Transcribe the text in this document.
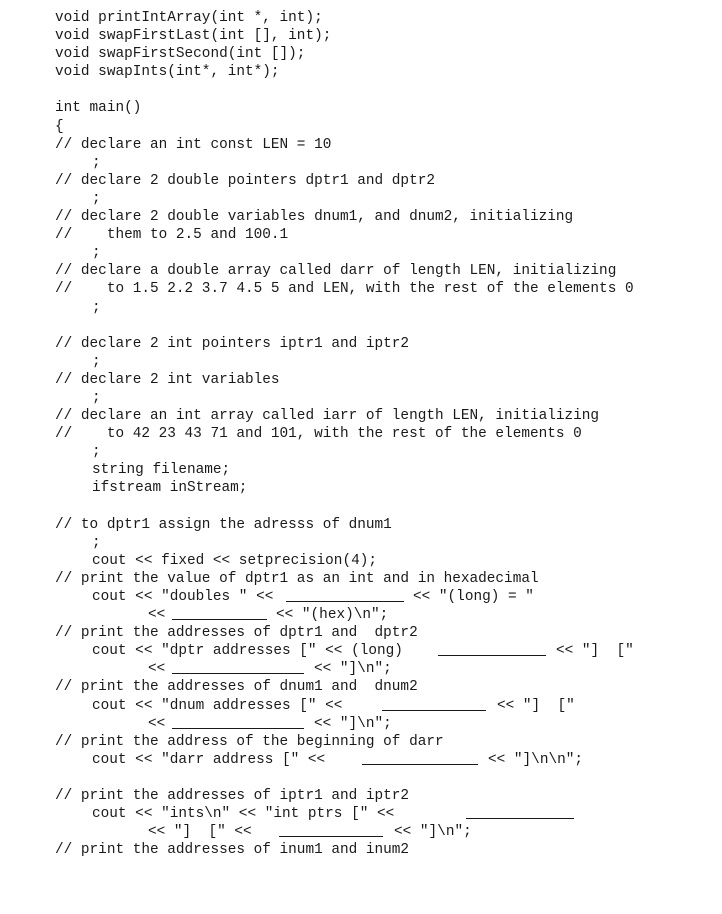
void printIntArray(int *, int);
void swapFirstLast(int [], int);
void swapFirstSecond(int []);
void swapInts(int*, int*);
int main()
{
// declare an int const LEN = 10
;
// declare 2 double pointers dptr1 and dptr2
;
// declare 2 double variables dnum1, and dnum2, initializing
//    them to 2.5 and 100.1
;
// declare a double array called darr of length LEN, initializing
//    to 1.5 2.2 3.7 4.5 5 and LEN, with the rest of the elements 0
;
// declare 2 int pointers iptr1 and iptr2
;
// declare 2 int variables
;
// declare an int array called iarr of length LEN, initializing
//    to 42 23 43 71 and 101, with the rest of the elements 0
;
string filename;
ifstream inStream;
// to dptr1 assign the adresss of dnum1
;
cout << fixed << setprecision(4);
// print the value of dptr1 as an int and in hexadecimal

cout << "doubles " <<

	<< "(long) = "

<<

	<< "(hex)\n";

// print the addresses of dptr1 and  dptr2

cout << "dptr addresses [" << (long)

	<< "]  ["

<<

	<< "]\n";

// print the addresses of dnum1 and  dnum2

cout << "dnum addresses [" <<

	<< "]  ["

<<

	<< "]\n";

// print the address of the beginning of darr

cout << "darr address [" <<

	<< "]\n\n";

// print the addresses of iptr1 and iptr2

cout << "ints\n" << "int ptrs [" <<

<< "]  [" <<

	<< "]\n";

// print the addresses of inum1 and inum2
